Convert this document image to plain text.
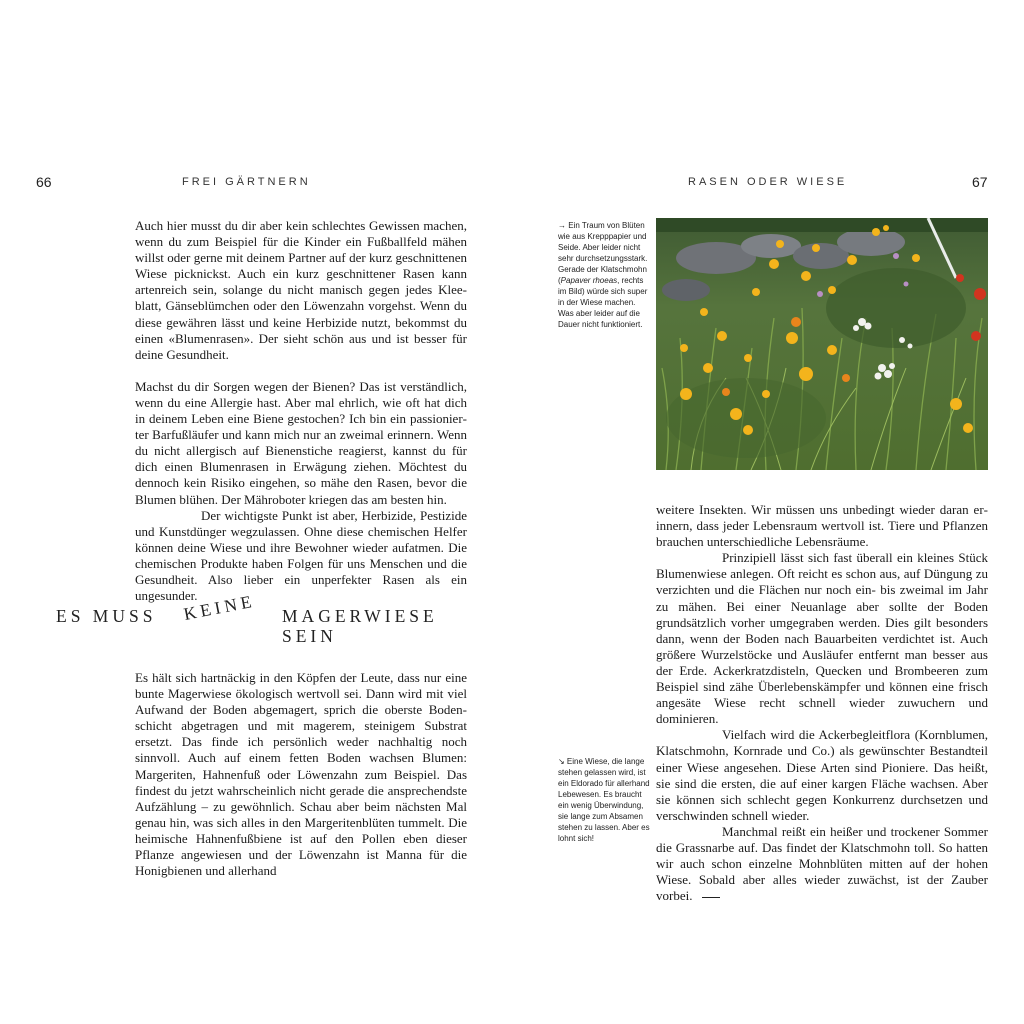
66	FREI GÄRTNERN

Auch hier musst du dir aber kein schlechtes Gewissen machen, wenn du zum Beispiel für die Kinder ein Fußballfeld mähen willst oder gerne mit deinem Partner auf der kurz geschnittenen Wiese picknickst. Auch ein kurz geschnittener Rasen kann artenreich sein, solange du nicht manisch gegen jedes Kleeblatt, Gänseblümchen oder den Löwenzahn vorgehst. Wenn du diese gewähren lässt und keine Herbizide nutzt, bekommst du einen «Blumenrasen». Der sieht schön aus und ist besser für deine Gesundheit.

Machst du dir Sorgen wegen der Bienen? Das ist verständlich, wenn du eine Allergie hast. Aber mal ehrlich, wie oft hat dich in deinem Leben eine Biene gestochen? Ich bin ein passionierter Barfußläufer und kann mich nur an zweimal erinnern. Wenn du nicht allergisch auf Bienenstiche reagierst, kannst du für dich einen Blumenrasen in Erwägung ziehen. Möchtest du dennoch kein Risiko eingehen, so mähe den Rasen, bevor die Blumen blühen. Der Mähroboter kriegen das am besten hin.

Der wichtigste Punkt ist aber, Herbizide, Pestizide und Kunstdünger wegzulassen. Ohne diese chemischen Helfer können deine Wiese und ihre Bewohner wieder aufatmen. Die chemischen Produkte haben Folgen für uns Menschen und die Gesundheit. Also lieber ein unperfekter Rasen als ein ungesunder.

ES MUSS KEINE MAGERWIESE
SEIN

Es hält sich hartnäckig in den Köpfen der Leute, dass nur eine bunte Magerwiese ökologisch wertvoll sei. Dann wird mit viel Aufwand der Boden abgemagert, sprich die oberste Bodenschicht abgetragen und mit magerem, steinigem Substrat ersetzt. Das finde ich persönlich weder nachhaltig noch sinnvoll. Auch auf einem fetten Boden wachsen Blumen: Margeriten, Hahnenfuß oder Löwenzahn zum Beispiel. Das findest du jetzt wahrscheinlich nicht gerade die ansprechendste Aufzählung – zu gewöhnlich. Schau aber beim nächsten Mal genau hin, was sich alles in den Margeritenblüten tummelt. Die heimische Hahnenfußbiene ist auf den Pollen eben dieser Pflanze angewiesen und der Löwenzahn ist Manna für die Honigbienen und allerhand

RASEN ODER WIESE	67
→ Ein Traum von Blüten wie aus Krepppapier und Seide. Aber leider nicht sehr durchsetzungsstark. Gerade der Klatschmohn (Papaver rhoeas, rechts im Bild) würde sich super in der Wiese machen. Was aber leider auf die Dauer nicht funktioniert.

weitere Insekten. Wir müssen uns unbedingt wieder daran erinnern, dass jeder Lebensraum wertvoll ist. Tiere und Pflanzen brauchen unterschiedliche Lebensräume.

Prinzipiell lässt sich fast überall ein kleines Stück Blumenwiese anlegen. Oft reicht es schon aus, auf Düngung zu verzichten und die Flächen nur noch ein- bis zweimal im Jahr zu mähen. Bei einer Neuanlage aber sollte der Boden grundsätzlich vorher umgegraben werden. Dies gilt besonders dann, wenn der Boden nach Bauarbeiten verdichtet ist. Auch größere Wurzelstöcke und Ausläufer entfernt man besser aus der Erde. Ackerkratzdisteln, Quecken und Brombeeren zum Beispiel sind zähe Überlebenskämpfer und können eine frisch angesäte Wiese recht schnell wieder zuwuchern und dominieren.

Vielfach wird die Ackerbegleitflora (Kornblumen, Klatschmohn, Kornrade und Co.) als gewünschter Bestandteil einer Wiese angesehen. Diese Arten sind Pioniere. Das heißt, sie sind die ersten, die auf einer kargen Fläche wachsen. Aber sie können sich schlecht gegen Konkurrenz durchsetzen und verschwinden schnell wieder.

Manchmal reißt ein heißer und trockener Sommer die Grassnarbe auf. Das findet der Klatschmohn toll. So hatten wir auch schon einzelne Mohnblüten mitten auf der hohen Wiese. Sobald aber alles wieder zuwächst, ist der Zauber vorbei.

↘ Eine Wiese, die lange stehen gelassen wird, ist ein Eldorado für allerhand Lebewesen. Es braucht ein wenig Überwindung, sie lange zum Absamen stehen zu lassen. Aber es lohnt sich!
